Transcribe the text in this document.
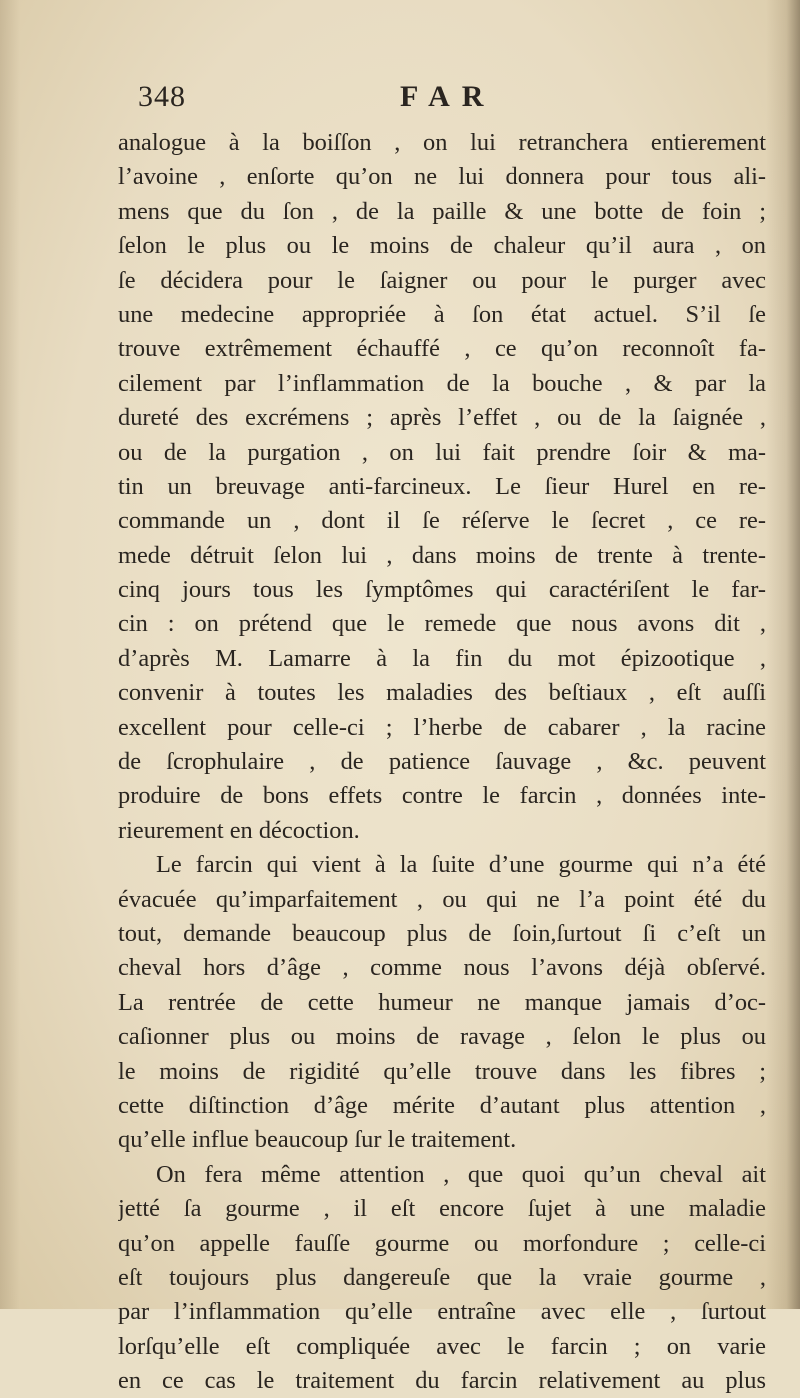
348	FAR
analogue à la boiſſon , on lui retranchera entierement
l’avoine , enſorte qu’on ne lui donnera pour tous ali-
mens que du ſon , de la paille & une botte de foin ;
ſelon le plus ou le moins de chaleur qu’il aura , on
ſe décidera pour le ſaigner ou pour le purger avec
une medecine appropriée à ſon état actuel. S’il ſe
trouve extrêmement échauffé , ce qu’on reconnoît fa-
cilement par l’inflammation de la bouche , & par la
dureté des excrémens ; après l’effet , ou de la ſaignée ,
ou de la purgation , on lui fait prendre ſoir & ma-
tin un breuvage anti-farcineux. Le ſieur Hurel en re-
commande un , dont il ſe réſerve le ſecret , ce re-
mede détruit ſelon lui , dans moins de trente à trente-
cinq jours tous les ſymptômes qui caractériſent le far-
cin : on prétend que le remede que nous avons dit ,
d’après M. Lamarre à la fin du mot épizootique ,
convenir à toutes les maladies des beſtiaux , eſt auſſi
excellent pour celle-ci ; l’herbe de cabarer , la racine
de ſcrophulaire , de patience ſauvage , &c. peuvent
produire de bons effets contre le farcin , données inte-
rieurement en décoction.
Le farcin qui vient à la ſuite d’une gourme qui n’a été
évacuée qu’imparfaitement , ou qui ne l’a point été du
tout, demande beaucoup plus de ſoin,ſurtout ſi c’eſt un
cheval hors d’âge , comme nous l’avons déjà obſervé.
La rentrée de cette humeur ne manque jamais d’oc-
caſionner plus ou moins de ravage , ſelon le plus ou
le moins de rigidité qu’elle trouve dans les fibres ;
cette diſtinction d’âge mérite d’autant plus attention ,
qu’elle influe beaucoup ſur le traitement.
On fera même attention , que quoi qu’un cheval ait
jetté ſa gourme , il eſt encore ſujet à une maladie
qu’on appelle fauſſe gourme ou morfondure ; celle-ci
eſt toujours plus dangereuſe que la vraie gourme ,
par l’inflammation qu’elle entraîne avec elle , ſurtout
lorſqu’elle eſt compliquée avec le farcin ; on varie
en ce cas le traitement du farcin relativement au plus
